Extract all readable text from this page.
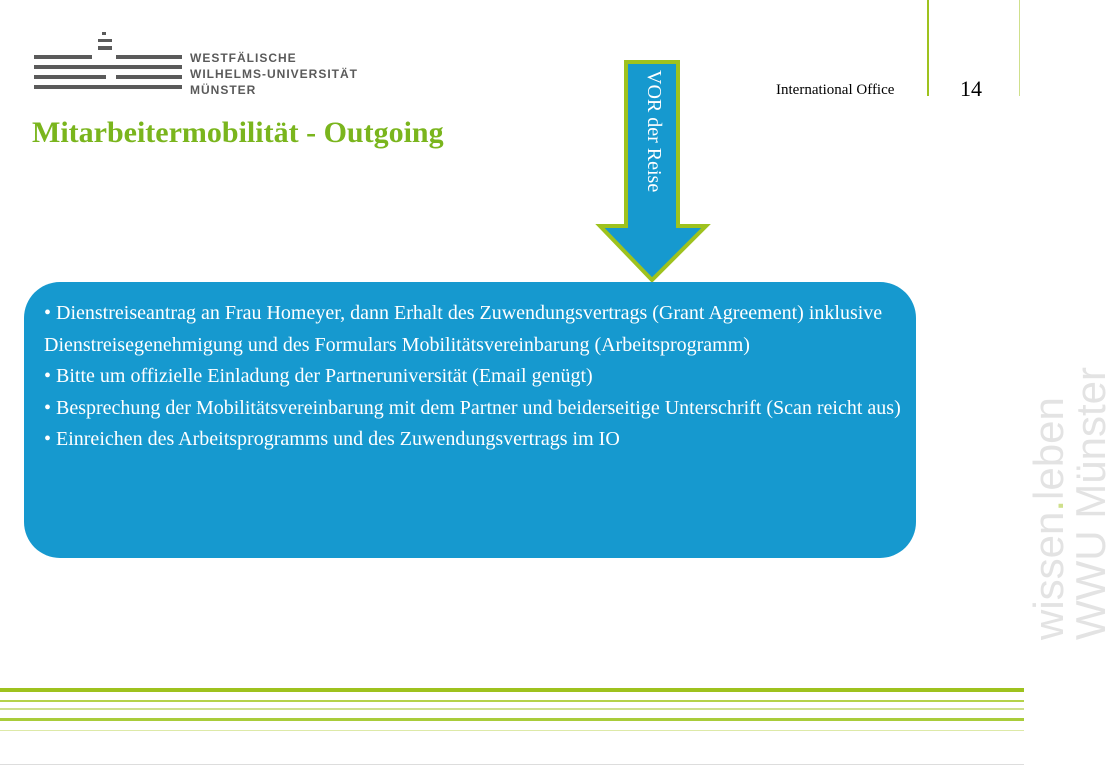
WESTFÄLISCHE
WILHELMS-UNIVERSITÄT
MÜNSTER
Mitarbeitermobilität - Outgoing
International Office	14
VOR der Reise

• Dienstreiseantrag an Frau Homeyer, dann Erhalt des Zuwendungsvertrags (Grant Agreement) inklusive Dienstreisegenehmigung und des Formulars Mobilitätsvereinbarung (Arbeitsprogramm)

• Bitte um offizielle Einladung der Partneruniversität (Email genügt)

• Besprechung der Mobilitätsvereinbarung mit dem Partner und beiderseitige Unterschrift (Scan reicht aus)

• Einreichen des Arbeitsprogramms und des Zuwendungsvertrags im IO

wissen.leben
WWU Münster
